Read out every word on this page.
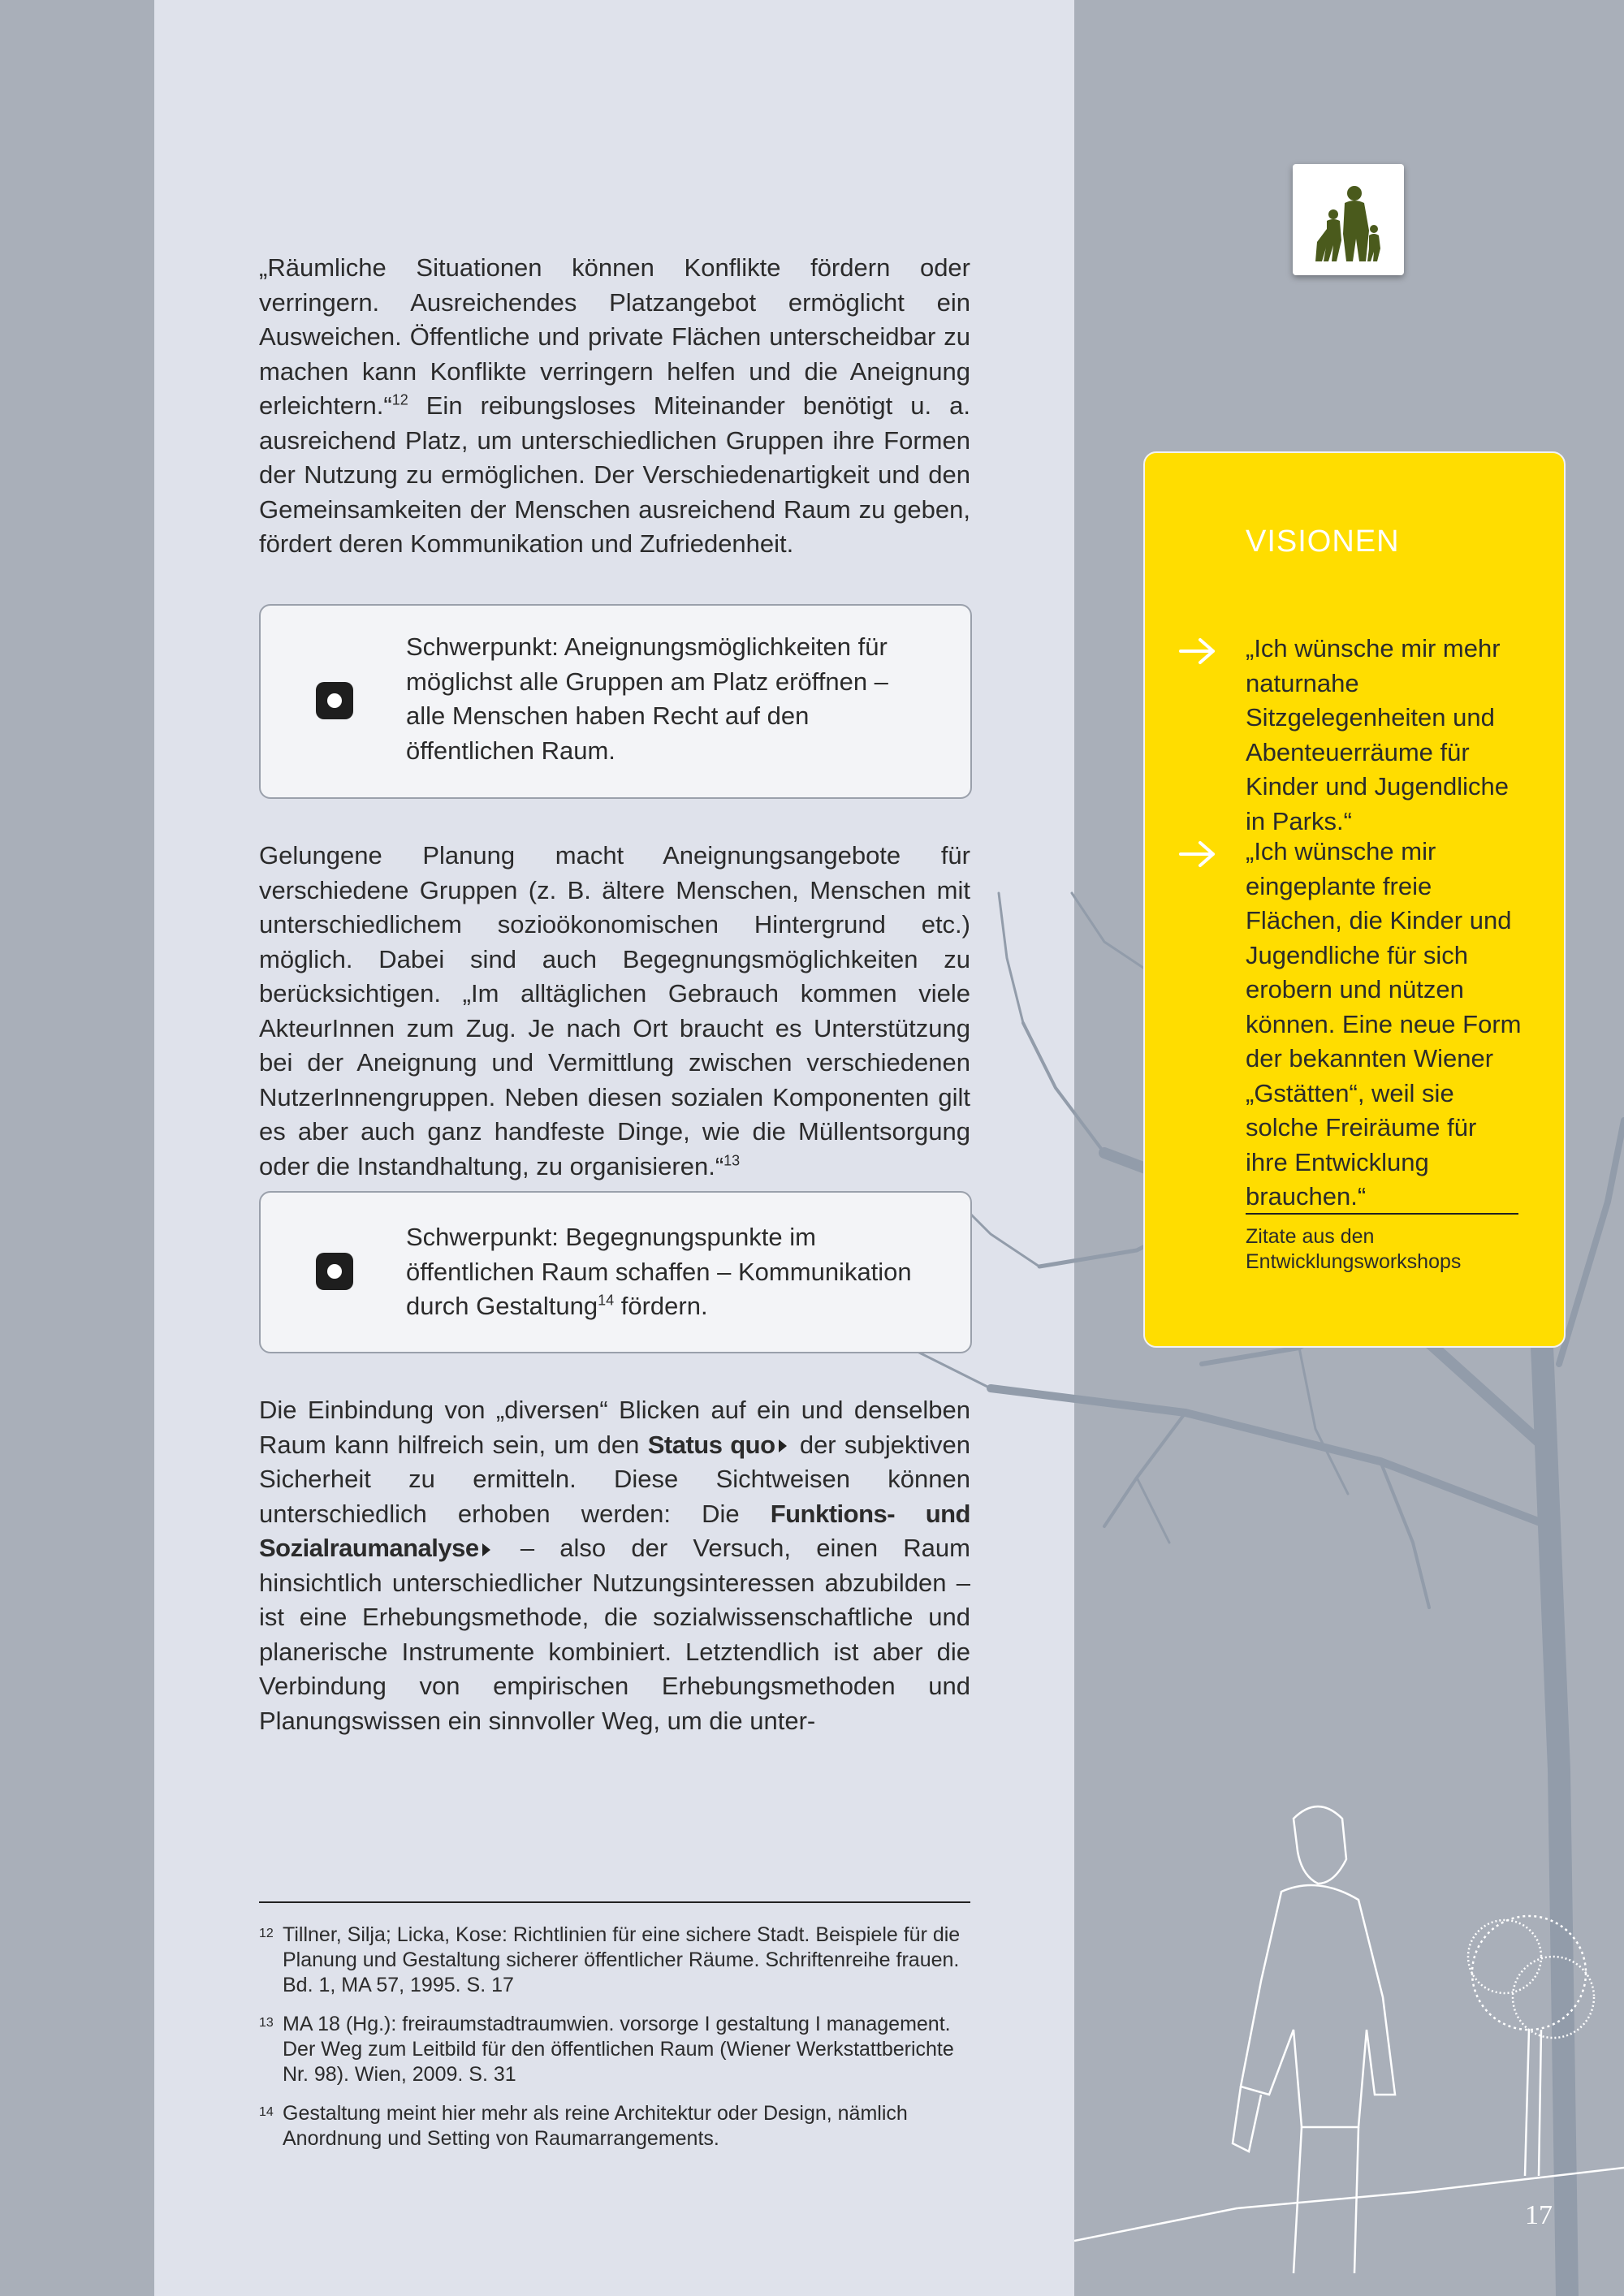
„Räumliche Situationen können Konflikte fördern oder verringern. Ausreichendes Platzangebot ermöglicht ein Ausweichen. Öffentliche und private Flächen unterscheidbar zu machen kann Konflikte verringern helfen und die Aneignung erleichtern.“$^{12}$ Ein reibungsloses Miteinander benötigt u. a. ausreichend Platz, um unterschiedlichen Gruppen ihre Formen der Nutzung zu ermöglichen. Der Verschiedenartigkeit und den Gemeinsamkeiten der Menschen ausreichend Raum zu geben, fördert deren Kommunikation und Zufriedenheit.

Schwerpunkt: Aneignungsmöglichkeiten für möglichst alle Gruppen am Platz eröffnen – alle Menschen haben Recht auf den öffentlichen Raum.

Gelungene Planung macht Aneignungsangebote für verschiedene Gruppen (z. B. ältere Menschen, Menschen mit unterschiedlichem sozioökonomischen Hintergrund etc.) möglich. Dabei sind auch Begegnungsmöglichkeiten zu berücksichtigen. „Im alltäglichen Gebrauch kommen viele AkteurInnen zum Zug. Je nach Ort braucht es Unterstützung bei der Aneignung und Vermittlung zwischen verschiedenen NutzerInnengruppen. Neben diesen sozialen Komponenten gilt es aber auch ganz handfeste Dinge, wie die Müllentsorgung oder die Instandhaltung, zu organisieren.“$^{13}$

Schwerpunkt: Begegnungspunkte im öffentlichen Raum schaffen – Kommunikation durch Gestaltung$^{14}$ fördern.

Die Einbindung von „diversen“ Blicken auf ein und denselben Raum kann hilfreich sein, um den Status quo der subjektiven Sicherheit zu ermitteln. Diese Sichtweisen können unterschiedlich erhoben werden: Die Funktions- und Sozialraumanalyse – also der Versuch, einen Raum hinsichtlich unterschiedlicher Nutzungsinteressen abzubilden – ist eine Erhebungsmethode, die sozialwissenschaftliche und planerische Instrumente kombiniert. Letztendlich ist aber die Verbindung von empirischen Erhebungsmethoden und Planungswissen ein sinnvoller Weg, um die unter-

VISIONEN

„Ich wünsche mir mehr naturnahe Sitzgelegenheiten und Abenteuerräume für Kinder und Jugendliche in Parks.“

„Ich wünsche mir eingeplante freie Flächen, die Kinder und Jugendliche für sich erobern und nützen können. Eine neue Form der bekannten Wiener „Gstätten“, weil sie solche Freiräume für ihre Entwicklung brauchen.“

Zitate aus den Entwicklungsworkshops

12 Tillner, Silja; Licka, Kose: Richtlinien für eine sichere Stadt. Beispiele für die Planung und Gestaltung sicherer öffentlicher Räume. Schriftenreihe frauen. Bd. 1, MA 57, 1995. S. 17

13 MA 18 (Hg.): freiraumstadtraumwien. vorsorge I gestaltung I management. Der Weg zum Leitbild für den öffentlichen Raum (Wiener Werkstattberichte Nr. 98). Wien, 2009. S. 31

14 Gestaltung meint hier mehr als reine Architektur oder Design, nämlich Anordnung und Setting von Raumarrangements.

17
